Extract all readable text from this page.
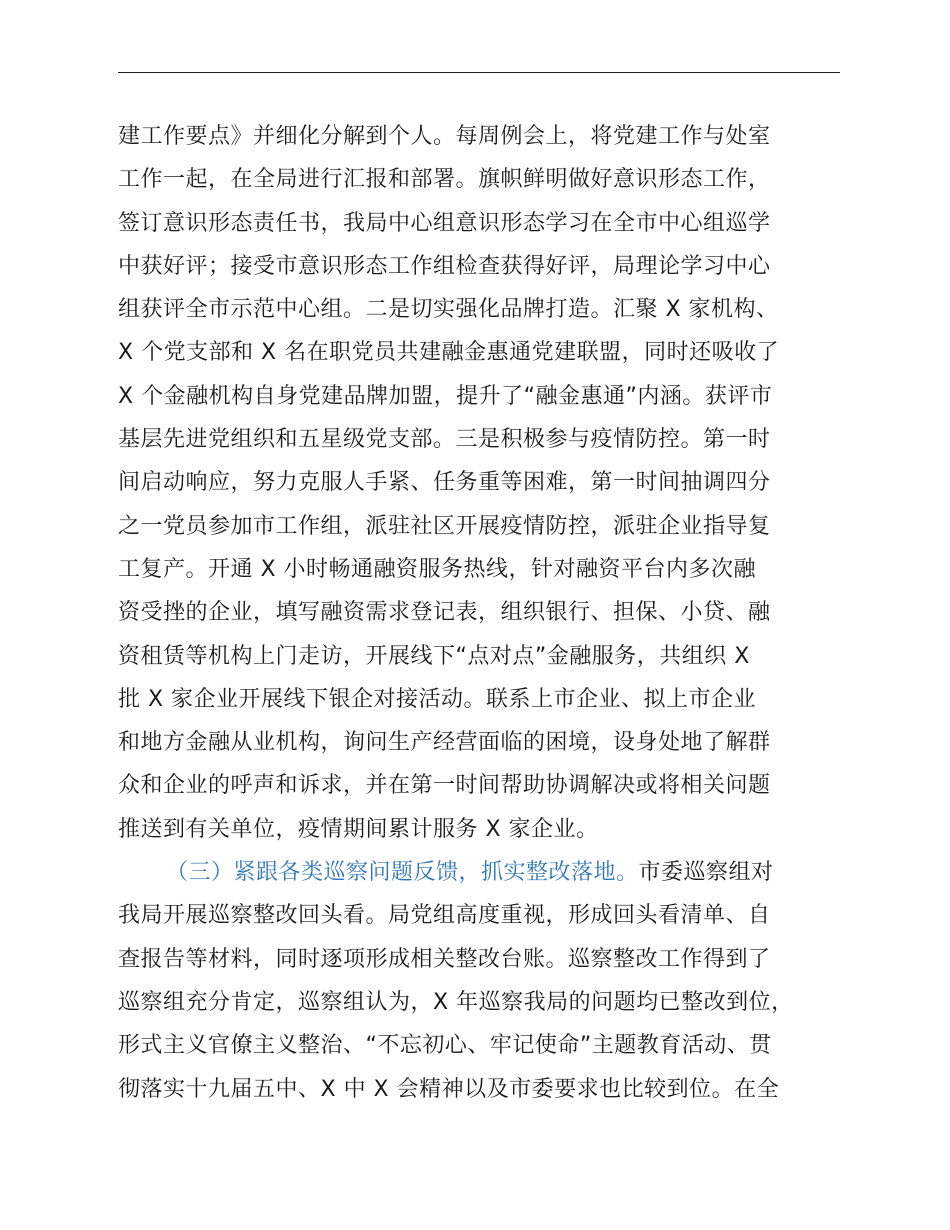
建工作要点》并细化分解到个人。每周例会上，将党建工作与处室
工作一起，在全局进行汇报和部署。旗帜鲜明做好意识形态工作，
签订意识形态责任书，我局中心组意识形态学习在全市中心组巡学
中获好评；接受市意识形态工作组检查获得好评，局理论学习中心
组获评全市示范中心组。二是切实强化品牌打造。汇聚 X 家机构、
X 个党支部和 X 名在职党员共建融金惠通党建联盟，同时还吸收了
X 个金融机构自身党建品牌加盟，提升了“融金惠通”内涵。获评市
基层先进党组织和五星级党支部。三是积极参与疫情防控。第一时
间启动响应，努力克服人手紧、任务重等困难，第一时间抽调四分
之一党员参加市工作组，派驻社区开展疫情防控，派驻企业指导复
工复产。开通 X 小时畅通融资服务热线，针对融资平台内多次融
资受挫的企业，填写融资需求登记表，组织银行、担保、小贷、融
资租赁等机构上门走访，开展线下“点对点”金融服务，共组织 X
批 X 家企业开展线下银企对接活动。联系上市企业、拟上市企业
和地方金融从业机构，询问生产经营面临的困境，设身处地了解群
众和企业的呼声和诉求，并在第一时间帮助协调解决或将相关问题
推送到有关单位，疫情期间累计服务 X 家企业。
（三）紧跟各类巡察问题反馈，抓实整改落地。市委巡察组对
我局开展巡察整改回头看。局党组高度重视，形成回头看清单、自
查报告等材料，同时逐项形成相关整改台账。巡察整改工作得到了
巡察组充分肯定，巡察组认为，X 年巡察我局的问题均已整改到位，
形式主义官僚主义整治、“不忘初心、牢记使命”主题教育活动、贯
彻落实十九届五中、X 中 X 会精神以及市委要求也比较到位。在全
